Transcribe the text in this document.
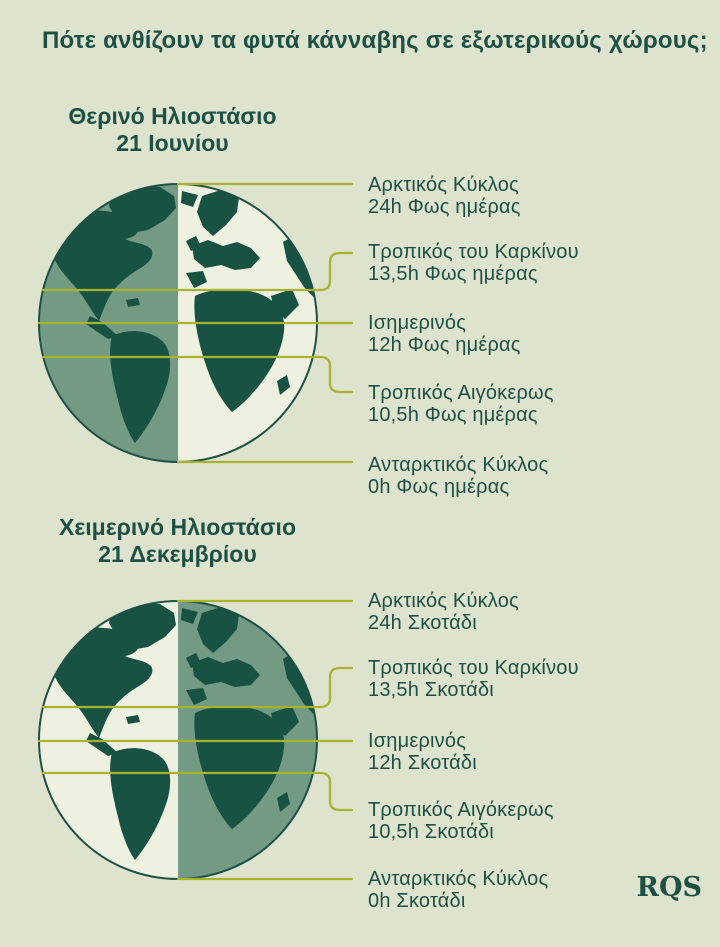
Πότε ανθίζουν τα φυτά κάνναβης σε εξωτερικούς χώρους;
Θερινό Ηλιοστάσιο
21 Ιουνίου
Αρκτικός Κύκλος
24h Φως ημέρας
Τροπικός του Καρκίνου
13,5h Φως ημέρας
Ισημερινός
12h Φως ημέρας
Τροπικός Αιγόκερως
10,5h Φως ημέρας
Ανταρκτικός Κύκλος
0h Φως ημέρας
Χειμερινό Ηλιοστάσιο
21 Δεκεμβρίου
Αρκτικός Κύκλος
24h Σκοτάδι
Τροπικός του Καρκίνου
13,5h Σκοτάδι
Ισημερινός
12h Σκοτάδι
Τροπικός Αιγόκερως
10,5h Σκοτάδι
Ανταρκτικός Κύκλος
0h Σκοτάδι	RQS
